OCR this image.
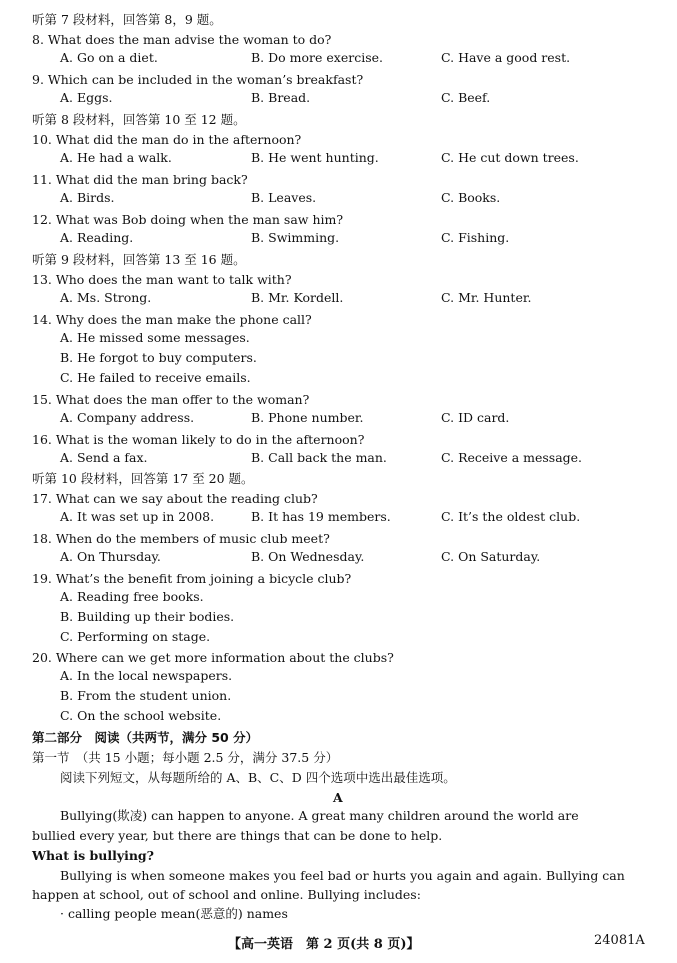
听第 7 段材料，回答第 8，9 题。
8. What does the man advise the woman to do?
A. Go on a diet.	B. Do more exercise.	C. Have a good rest.
9. Which can be included in the woman’s breakfast?
A. Eggs.	B. Bread.	C. Beef.
听第 8 段材料，回答第 10 至 12 题。
10. What did the man do in the afternoon?
A. He had a walk.	B. He went hunting.	C. He cut down trees.
11. What did the man bring back?
A. Birds.	B. Leaves.	C. Books.
12. What was Bob doing when the man saw him?
A. Reading.	B. Swimming.	C. Fishing.
听第 9 段材料，回答第 13 至 16 题。
13. Who does the man want to talk with?
A. Ms. Strong.	B. Mr. Kordell.	C. Mr. Hunter.
14. Why does the man make the phone call?
A. He missed some messages.
B. He forgot to buy computers.
C. He failed to receive emails.
15. What does the man offer to the woman?
A. Company address.	B. Phone number.	C. ID card.
16. What is the woman likely to do in the afternoon?
A. Send a fax.	B. Call back the man.	C. Receive a message.
听第 10 段材料，回答第 17 至 20 题。
17. What can we say about the reading club?
A. It was set up in 2008.	B. It has 19 members.	C. It’s the oldest club.
18. When do the members of music club meet?
A. On Thursday.	B. On Wednesday.	C. On Saturday.
19. What’s the benefit from joining a bicycle club?
A. Reading free books.
B. Building up their bodies.
C. Performing on stage.
20. Where can we get more information about the clubs?
A. In the local newspapers.
B. From the student union.
C. On the school website.
第二部分　阅读（共两节，满分 50 分）
第一节　（共 15 小题；每小题 2.5 分，满分 37.5 分）
阅读下列短文，从每题所给的 A、B、C、D 四个选项中选出最佳选项。
A
Bullying(欺凌) can happen to anyone. A great many children around the world are
bullied every year, but there are things that can be done to help.
What is bullying?
Bullying is when someone makes you feel bad or hurts you again and again. Bullying can
happen at school, out of school and online. Bullying includes:
· calling people mean(恶意的) names
【高一英语　第 2 页(共 8 页)】	24081A
